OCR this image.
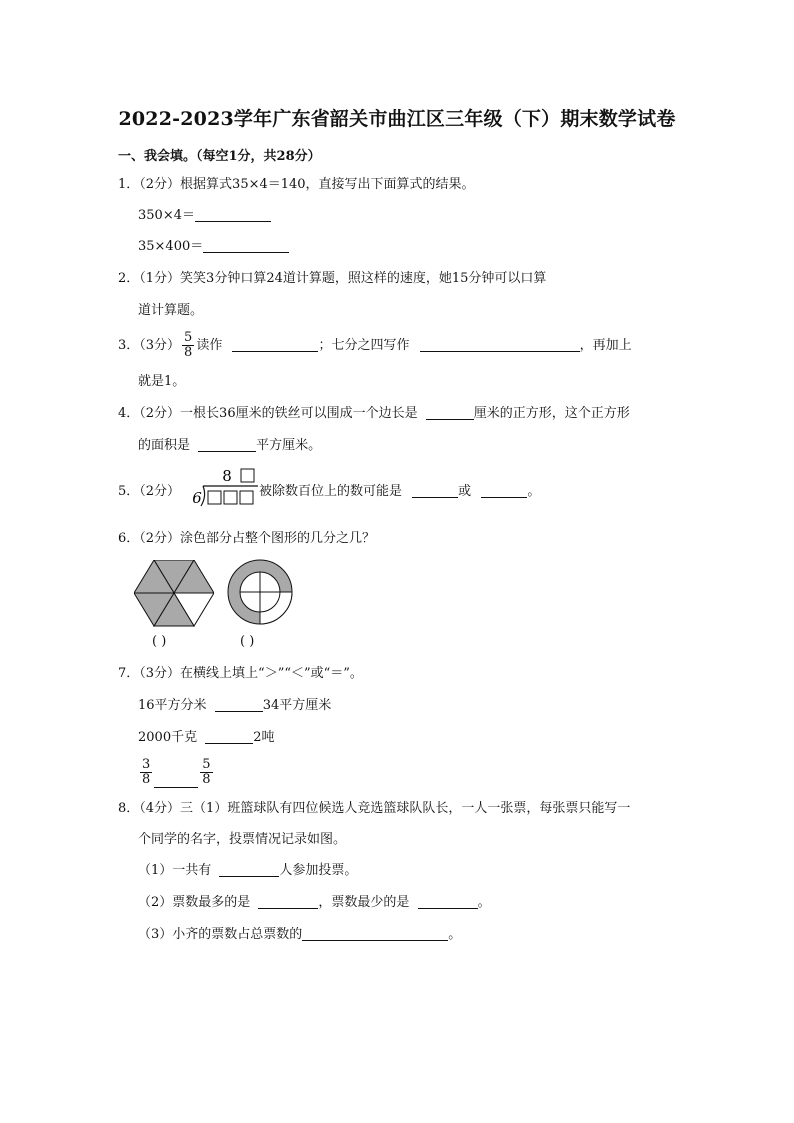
2022-2023学年广东省韶关市曲江区三年级（下）期末数学试卷
一、我会填。（每空1分，共28分）
1．（2分）根据算式35×4＝140，直接写出下面算式的结果。
350×4＝
35×400＝
2．（1分）笑笑3分钟口算24道计算题，照这样的速度，她15分钟可以口算
道计算题。
3．（3分） $\frac{5}{8}$ 读作	；七分之四写作	，再加上
就是1。
4．（2分）一根长36厘米的铁丝可以围成一个边长是	厘米的正方形，这个正方形
的面积是	平方厘米。
5．（2分）
8
6	被除数百位上的数可能是	或	。
6．（2分）涂色部分占整个图形的几分之几？
( )	( )
7．（3分）在横线上填上“＞”“＜”或“＝”。
16平方分米	34平方厘米
2000千克	2吨
$\frac{3}{8}$	$\frac{5}{8}$
8．（4分）三（1）班篮球队有四位候选人竞选篮球队队长，一人一张票，每张票只能写一
个同学的名字，投票情况记录如图。
（1）一共有	人参加投票。
（2）票数最多的是	，票数最少的是	。
（3）小齐的票数占总票数的	。
